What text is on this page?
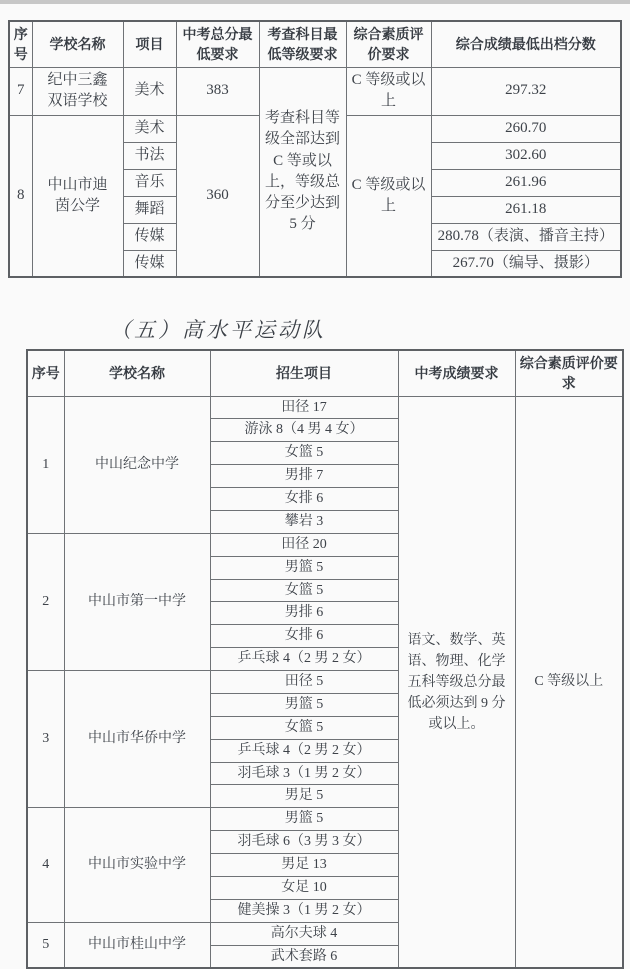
序号	学校名称	项目	中考总分最低要求	考查科目最低等级要求	综合素质评价要求	综合成绩最低出档分数
7	纪中三鑫双语学校	美术	383	考查科目等级全部达到 C 等或以上，等级总分至少达到 5 分	C 等级或以上	297.32
8	中山市迪茵公学	美术	360		C 等级或以上	260.70
		书法				302.60
		音乐				261.96
		舞蹈				261.18
		传媒				280.78（表演、播音主持）
		传媒				267.70（编导、摄影）
（五）高水平运动队
序号	学校名称	招生项目	中考成绩要求	综合素质评价要求
1	中山纪念中学	田径 17	语文、数学、英语、物理、化学五科等级总分最低必须达到 9 分或以上。	C 等级以上
		游泳 8（4 男 4 女）		
		女篮 5		
		男排 7		
		女排 6		
		攀岩 3		
2	中山市第一中学	田径 20		
		男篮 5		
		女篮 5		
		男排 6		
		女排 6		
		乒乓球 4（2 男 2 女）		
3	中山市华侨中学	田径 5		
		男篮 5		
		女篮 5		
		乒乓球 4（2 男 2 女）		
		羽毛球 3（1 男 2 女）		
		男足 5		
4	中山市实验中学	男篮 5		
		羽毛球 6（3 男 3 女）		
		男足 13		
		女足 10		
		健美操 3（1 男 2 女）		
5	中山市桂山中学	高尔夫球 4		
		武术套路 6		
